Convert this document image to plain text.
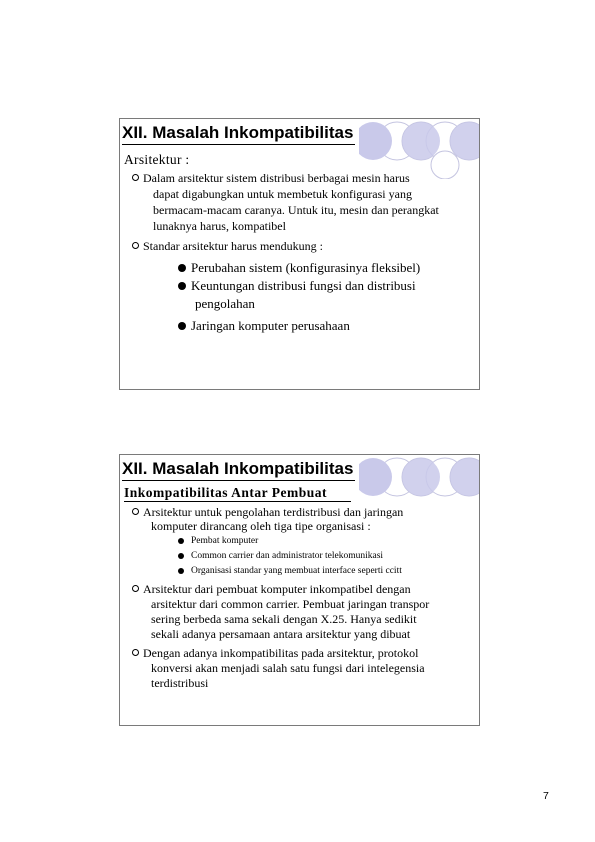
XII. Masalah Inkompatibilitas
Arsitektur :
Dalam arsitektur sistem distribusi berbagai mesin harus
dapat digabungkan untuk membetuk konfigurasi yang
bermacam-macam caranya. Untuk itu, mesin dan perangkat
lunaknya harus, kompatibel
Standar arsitektur harus mendukung :
Perubahan sistem (konfigurasinya fleksibel)
Keuntungan distribusi fungsi dan distribusi
pengolahan
Jaringan komputer perusahaan
XII. Masalah Inkompatibilitas
Inkompatibilitas Antar Pembuat
Arsitektur untuk pengolahan terdistribusi dan jaringan
komputer dirancang oleh tiga tipe organisasi :
Pembat komputer
Common carrier dan administrator telekomunikasi
Organisasi standar yang membuat interface seperti ccitt
Arsitektur dari pembuat komputer inkompatibel dengan
arsitektur dari common carrier. Pembuat jaringan transpor
sering berbeda sama sekali dengan X.25. Hanya sedikit
sekali adanya persamaan antara arsitektur yang dibuat
Dengan adanya inkompatibilitas pada arsitektur, protokol
konversi akan menjadi salah satu fungsi dari intelegensia
terdistribusi
7
